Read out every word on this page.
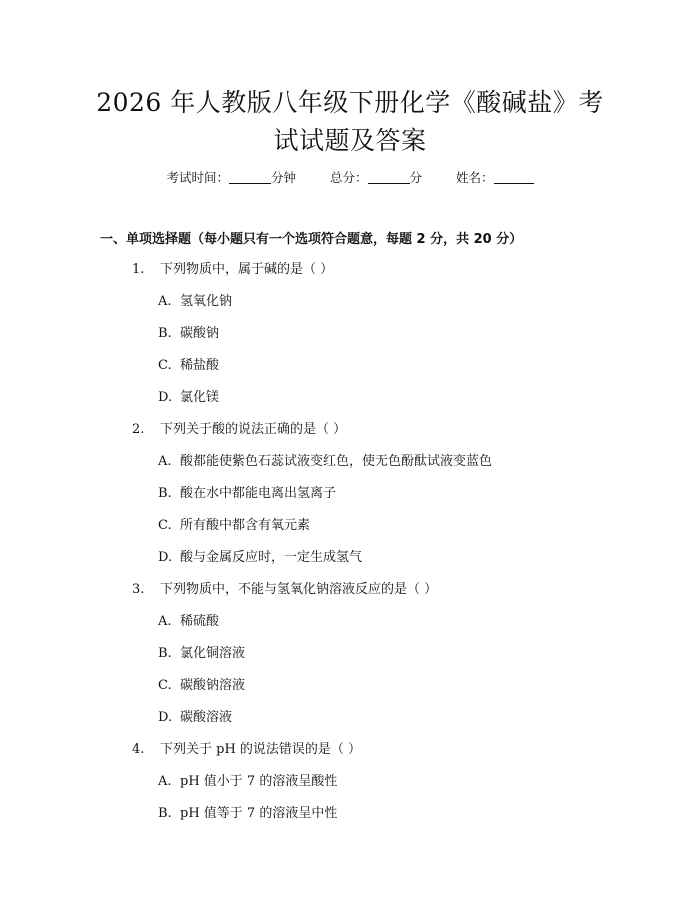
2026 年人教版八年级下册化学《酸碱盐》考
试试题及答案
考试时间：	分钟	总分：	分	姓名：
一、单项选择题（每小题只有一个选项符合题意，每题 2 分，共 20 分）
1. 下列物质中，属于碱的是（ ）
A. 氢氧化钠
B. 碳酸钠
C. 稀盐酸
D. 氯化镁
2. 下列关于酸的说法正确的是（ ）
A. 酸都能使紫色石蕊试液变红色，使无色酚酞试液变蓝色
B. 酸在水中都能电离出氢离子
C. 所有酸中都含有氧元素
D. 酸与金属反应时，一定生成氢气
3. 下列物质中，不能与氢氧化钠溶液反应的是（ ）
A. 稀硫酸
B. 氯化铜溶液
C. 碳酸钠溶液
D. 碳酸溶液
4. 下列关于 pH 的说法错误的是（ ）
A. pH 值小于 7 的溶液呈酸性
B. pH 值等于 7 的溶液呈中性
